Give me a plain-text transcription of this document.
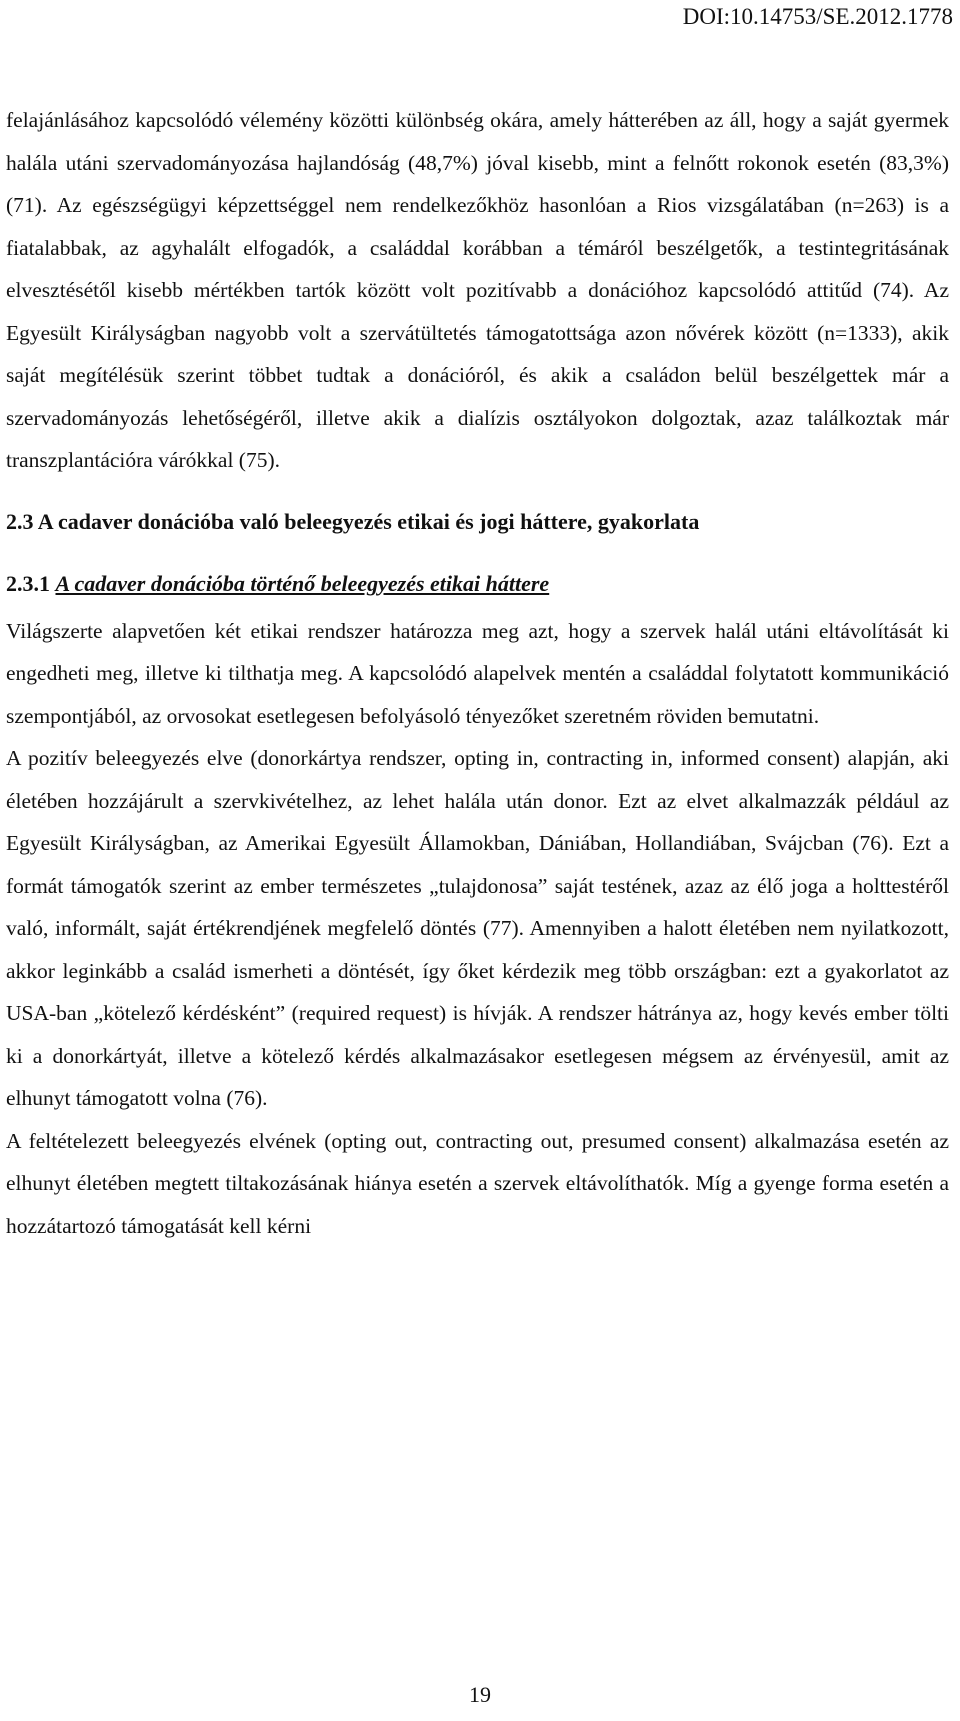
DOI:10.14753/SE.2012.1778

felajánlásához kapcsolódó vélemény közötti különbség okára, amely hátterében az áll, hogy a saját gyermek halála utáni szervadományozása hajlandóság (48,7%) jóval kisebb, mint a felnőtt rokonok esetén (83,3%) (71). Az egészségügyi képzettséggel nem rendelkezőkhöz hasonlóan a Rios vizsgálatában (n=263) is a fiatalabbak, az agyhalált elfogadók, a családdal korábban a témáról beszélgetők, a testintegritásának elvesztésétől kisebb mértékben tartók között volt pozitívabb a donációhoz kapcsolódó attitűd (74). Az Egyesült Királyságban nagyobb volt a szervátültetés támogatottsága azon nővérek között (n=1333), akik saját megítélésük szerint többet tudtak a donációról, és akik a családon belül beszélgettek már a szervadományozás lehetőségéről, illetve akik a dialízis osztályokon dolgoztak, azaz találkoztak már transzplantációra várókkal (75).

2.3 A cadaver donációba való beleegyezés etikai és jogi háttere, gyakorlata
2.3.1 A cadaver donációba történő beleegyezés etikai háttere

Világszerte alapvetően két etikai rendszer határozza meg azt, hogy a szervek halál utáni eltávolítását ki engedheti meg, illetve ki tilthatja meg. A kapcsolódó alapelvek mentén a családdal folytatott kommunikáció szempontjából, az orvosokat esetlegesen befolyásoló tényezőket szeretném röviden bemutatni.

A pozitív beleegyezés elve (donorkártya rendszer, opting in, contracting in, informed consent) alapján, aki életében hozzájárult a szervkivételhez, az lehet halála után donor. Ezt az elvet alkalmazzák például az Egyesült Királyságban, az Amerikai Egyesült Államokban, Dániában, Hollandiában, Svájcban (76). Ezt a formát támogatók szerint az ember természetes „tulajdonosa” saját testének, azaz az élő joga a holttestéről való, informált, saját értékrendjének megfelelő döntés (77). Amennyiben a halott életében nem nyilatkozott, akkor leginkább a család ismerheti a döntését, így őket kérdezik meg több országban: ezt a gyakorlatot az USA-ban „kötelező kérdésként” (required request) is hívják. A rendszer hátránya az, hogy kevés ember tölti ki a donorkártyát, illetve a kötelező kérdés alkalmazásakor esetlegesen mégsem az érvényesül, amit az elhunyt támogatott volna (76).

A feltételezett beleegyezés elvének (opting out, contracting out, presumed consent) alkalmazása esetén az elhunyt életében megtett tiltakozásának hiánya esetén a szervek eltávolíthatók. Míg a gyenge forma esetén a hozzátartozó támogatását kell kérni

19
